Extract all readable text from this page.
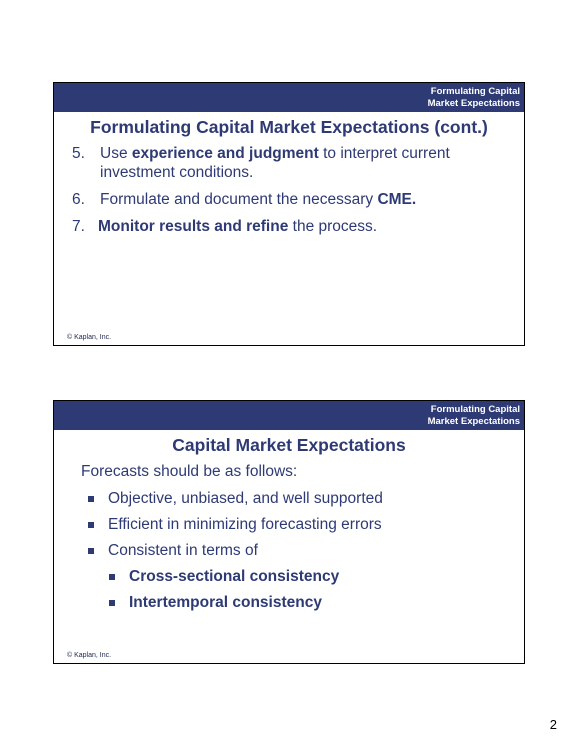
Formulating Capital
Market Expectations
Formulating Capital Market Expectations (cont.)
5. Use experience and judgment to interpret current investment conditions.
6. Formulate and document the necessary CME.
7. Monitor results and refine the process.
© Kaplan, Inc.
Formulating Capital
Market Expectations
Capital Market Expectations
Forecasts should be as follows:
Objective, unbiased, and well supported
Efficient in minimizing forecasting errors
Consistent in terms of
Cross-sectional consistency
Intertemporal consistency
© Kaplan, Inc.
2
